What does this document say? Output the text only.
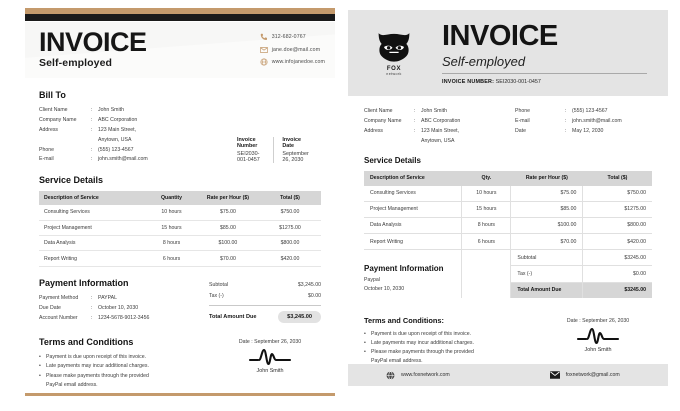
INVOICE
Self-employed
312-682-0767
jane.doe@mail.com
www.infojanedoe.com
Bill To
Client Name	:	John Smith
Company Name	:	ABC Corporation
Address	:	123 Main Street,
Anytown, USA
Phone	:	(555) 123-4567
E-mail	:	john.smith@mail.com
Invoice Number
SEI2030-001-0457
Invoice Date
September 26, 2030
Service Details
Description of Service	Quantity	Rate per Hour ($)	Total ($)
Consulting Services	10 hours	$75.00	$750.00
Project Management	15 hours	$85.00	$1275.00
Data Analysis	8 hours	$100.00	$800.00
Report Writing	6 hours	$70.00	$420.00
Payment Information
Payment Method	:	PAYPAL
Due Date	:	October 10, 2030
Account Number	:	1234-5678-9012-3456
Subtotal	$3,245.00
Tax (-)	$0.00
Total Amount Due	$3,245.00
Terms and Conditions
• Payment is due upon receipt of this invoice.
• Late payments may incur additional charges.
• Please make payments through the provided
PayPal email address.
Date : September 26, 2030
John Smith
FOX
network
INVOICE
Self-employed
INVOICE NUMBER: SEI2030-001-0457
Client Name	:	John Smith
Company Name	:	ABC Corporation
Address	:	123 Main Street,
Anytown, USA
Phone	:	(555) 123-4567
E-mail	:	john.smith@mail.com
Date	:	May 12, 2030
Service Details
Description of Service	Qty.	Rate per Hour ($)	Total ($)
Consulting Services	10 hours	$75.00	$750.00
Project Management	15 hours	$85.00	$1275.00
Data Analysis	8 hours	$100.00	$800.00
Report Writing	6 hours	$70.00	$420.00
		Subtotal	$3245.00
		Tax (-)	$0.00
		Total Amount Due	$3245.00
Payment Information
Paypal
October 10, 2030
Terms and Conditions:
• Payment is due upon receipt of this invoice.
• Late payments may incur additional charges.
• Please make payments through the provided
PayPal email address.
Date : September 26, 2030
John Smith
www.foxnetwork.com	foxnetwork@gmail.com
